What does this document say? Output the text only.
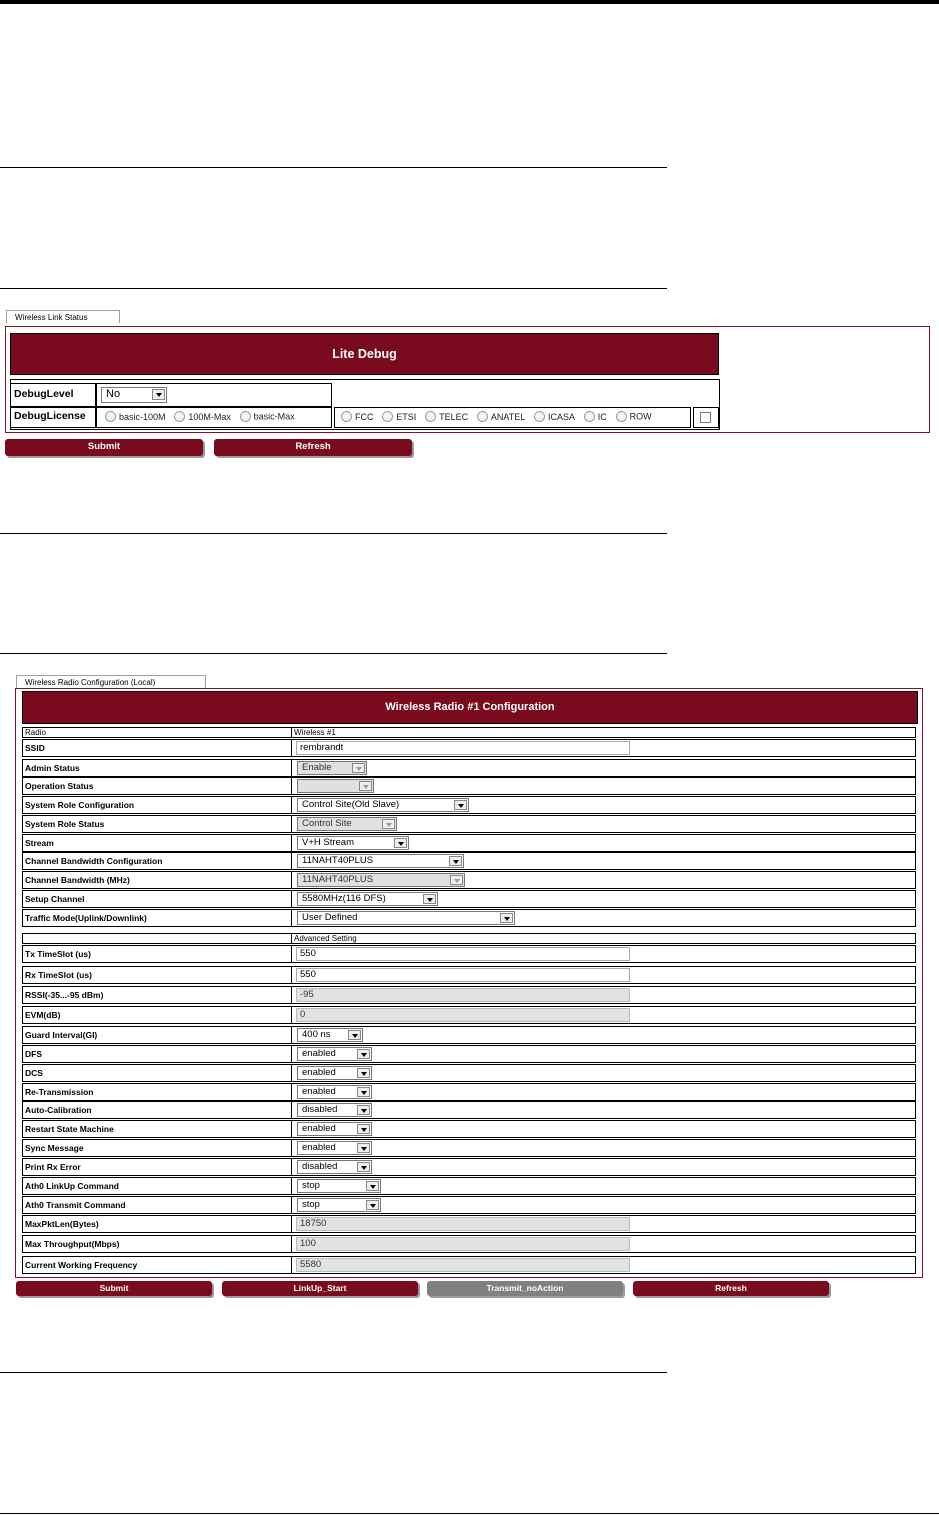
Wireless Link Status
Lite Debug
DebugLevel	No
DebugLicense	basic-100M	100M-Max	basic-Max	FCC	ETSI	TELEC	ANATEL	ICASA	IC	ROW
Submit	Refresh
Wireless Radio Configuration (Local)
Wireless Radio #1 Configuration
Radio	Wireless #1
SSID	rembrandt
Admin Status	Enable
Operation Status
System Role Configuration	Control Site(Old Slave)
System Role Status	Control Site
Stream	V+H Stream
Channel Bandwidth Configuration	11NAHT40PLUS
Channel Bandwidth (MHz)	11NAHT40PLUS
Setup Channel	5580MHz(116 DFS)
Traffic Mode(Uplink/Downlink)	User Defined
Advanced Setting
Tx TimeSlot (us)	550
Rx TimeSlot (us)	550
RSSI(-35...-95 dBm)	-95
EVM(dB)	0
Guard Interval(GI)	400 ns
DFS	enabled
DCS	enabled
Re-Transmission	enabled
Auto-Calibration	disabled
Restart State Machine	enabled
Sync Message	enabled
Print Rx Error	disabled
Ath0 LinkUp Command	stop
Ath0 Transmit Command	stop
MaxPktLen(Bytes)	18750
Max Throughput(Mbps)	100
Current Working Frequency	5580
Submit	LinkUp_Start	Transmit_noAction	Refresh
